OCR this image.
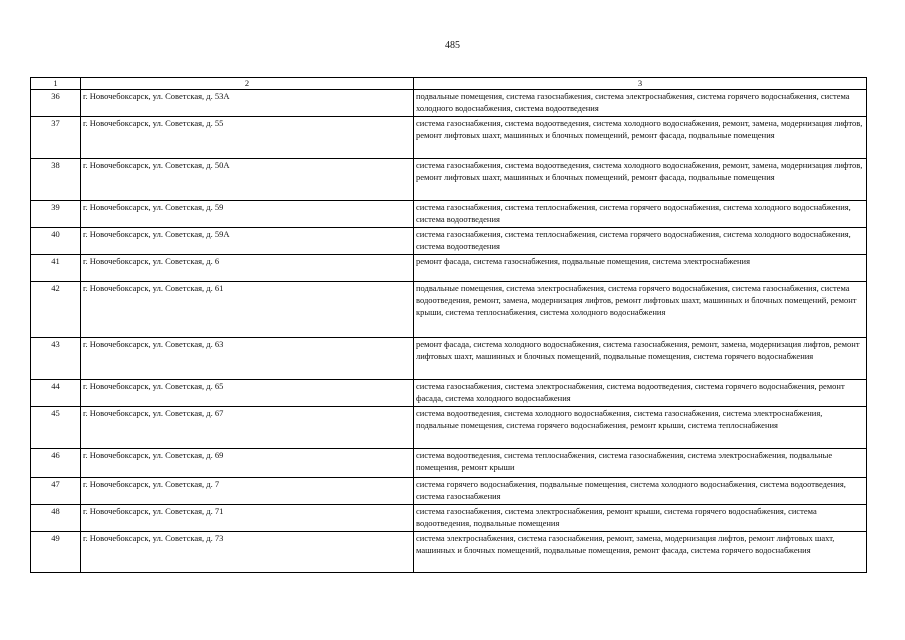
485
1	2	3
36	г. Новочебоксарск, ул. Советская, д. 53А	подвальные помещения, система газоснабжения, система электроснабжения, система горячего водоснабжения, система холодного водоснабжения, система водоотведения
37	г. Новочебоксарск, ул. Советская, д. 55	система газоснабжения, система водоотведения, система холодного водоснабжения, ремонт, замена, модернизация лифтов, ремонт лифтовых шахт, машинных и блочных помещений, ремонт фасада, подвальные помещения
38	г. Новочебоксарск, ул. Советская, д. 50А	система газоснабжения, система водоотведения, система холодного водоснабжения, ремонт, замена, модернизация лифтов, ремонт лифтовых шахт, машинных и блочных помещений, ремонт фасада, подвальные помещения
39	г. Новочебоксарск, ул. Советская, д. 59	система газоснабжения, система теплоснабжения, система горячего водоснабжения, система холодного водоснабжения, система водоотведения
40	г. Новочебоксарск, ул. Советская, д. 59А	система газоснабжения, система теплоснабжения, система горячего водоснабжения, система холодного водоснабжения, система водоотведения
41	г. Новочебоксарск, ул. Советская, д. 6	ремонт фасада, система газоснабжения, подвальные помещения, система электроснабжения
42	г. Новочебоксарск, ул. Советская, д. 61	подвальные помещения, система электроснабжения, система горячего водоснабжения, система газоснабжения, система водоотведения, ремонт, замена, модернизация лифтов, ремонт лифтовых шахт, машинных и блочных помещений, ремонт крыши, система теплоснабжения, система холодного водоснабжения
43	г. Новочебоксарск, ул. Советская, д. 63	ремонт фасада, система холодного водоснабжения, система газоснабжения, ремонт, замена, модернизация лифтов, ремонт лифтовых шахт, машинных и блочных помещений, подвальные помещения, система горячего водоснабжения
44	г. Новочебоксарск, ул. Советская, д. 65	система газоснабжения, система электроснабжения, система водоотведения, система горячего водоснабжения, ремонт фасада, система холодного водоснабжения
45	г. Новочебоксарск, ул. Советская, д. 67	система водоотведения, система холодного водоснабжения, система газоснабжения, система электроснабжения, подвальные помещения, система горячего водоснабжения, ремонт крыши, система теплоснабжения
46	г. Новочебоксарск, ул. Советская, д. 69	система водоотведения, система теплоснабжения, система газоснабжения, система электроснабжения, подвальные помещения, ремонт крыши
47	г. Новочебоксарск, ул. Советская, д. 7	система горячего водоснабжения, подвальные помещения, система холодного водоснабжения, система водоотведения, система газоснабжения
48	г. Новочебоксарск, ул. Советская, д. 71	система газоснабжения, система электроснабжения, ремонт крыши, система горячего водоснабжения, система водоотведения, подвальные помещения
49	г. Новочебоксарск, ул. Советская, д. 73	система электроснабжения, система газоснабжения, ремонт, замена, модернизация лифтов, ремонт лифтовых шахт, машинных и блочных помещений, подвальные помещения, ремонт фасада, система горячего водоснабжения
